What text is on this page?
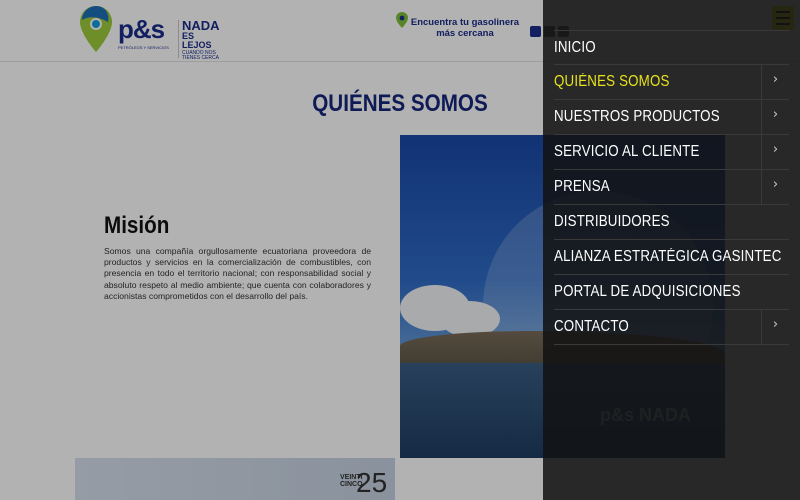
p&s
PETRÓLEOS Y SERVICIOS
NADA
ES LEJOS
CUANDO NOS TIENES CERCA
Encuentra tu gasolinera más cercana
QUIÉNES SOMOS
Misión

Somos una compañía orgullosamente ecuatoriana proveedora de productos y servicios en la comercialización de combustibles, con presencia en todo el territorio nacional; con responsabilidad social y absoluto respeto al medio ambiente; que cuenta con colaboradores y accionistas comprometidos con el desarrollo del país.

VEINTI CINCO
25
INICIO
QUIÉNES SOMOS	›
NUESTROS PRODUCTOS	›
SERVICIO AL CLIENTE	›
PRENSA	›
DISTRIBUIDORES
ALIANZA ESTRATÉGICA GASINTEC
PORTAL DE ADQUISICIONES
CONTACTO	›
